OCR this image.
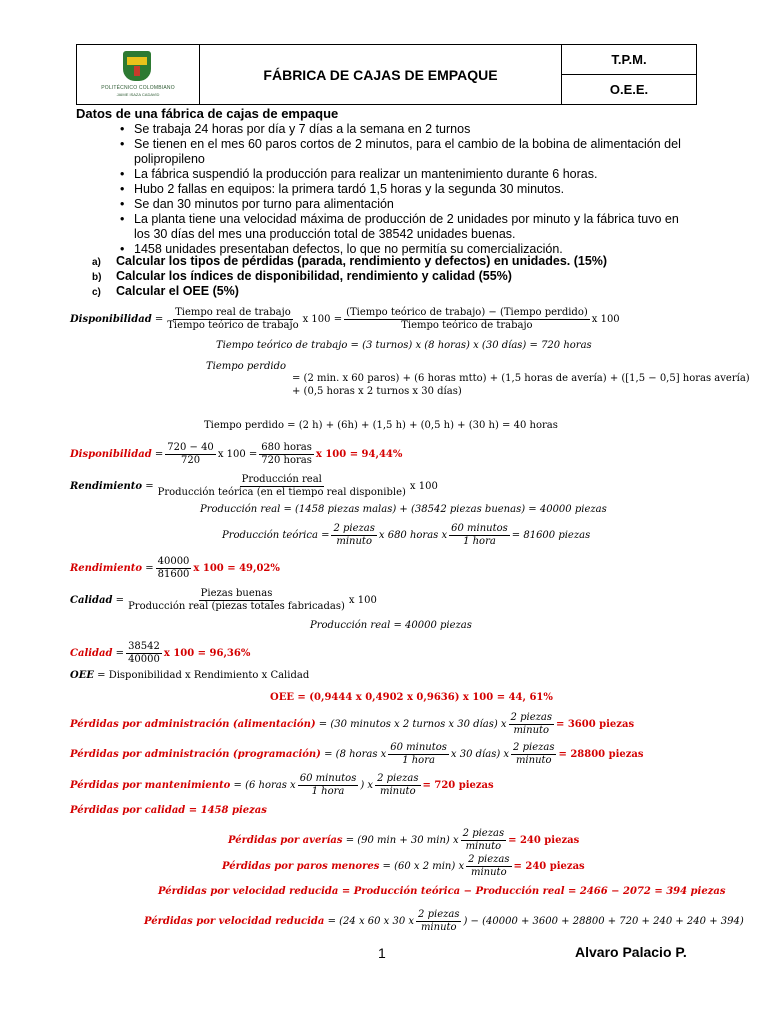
POLITÉCNICO COLOMBIANO
JAIME ISAZA CADAVID
	FÁBRICA DE CAJAS DE EMPAQUE	T.P.M.
O.E.E.
Datos de una fábrica de cajas de empaque
• Se trabaja 24 horas por día y 7 días a la semana en 2 turnos
• Se tienen en el mes 60 paros cortos de 2 minutos, para el cambio de la bobina de alimentación del polipropileno
• La fábrica suspendió la producción para realizar un mantenimiento durante 6 horas.
• Hubo 2 fallas en equipos: la primera tardó 1,5 horas y la segunda 30 minutos.
• Se dan 30 minutos por turno para alimentación
• La planta tiene una velocidad máxima de producción de 2 unidades por minuto y la fábrica tuvo en los 30 días del mes una producción total de 38542 unidades buenas.
• 1458 unidades presentaban defectos, lo que no permitía su comercialización.
a) Calcular los tipos de pérdidas (parada, rendimiento y defectos) en unidades. (15%)
b) Calcular los índices de disponibilidad, rendimiento y calidad (55%)
c) Calcular el OEE (5%)
Disponibilidad = $\frac{\text{Tiempo real de trabajo}}{\text{Tiempo teórico de trabajo}}$ x $100 = \frac{\text{(Tiempo teórico de trabajo) − (Tiempo perdido)}}{\text{Tiempo teórico de trabajo}}$ x 100
Tiempo teórico de trabajo = (3 turnos) x (8 horas) x (30 días) = 720 horas
Tiempo perdido
= (2 min. x 60 paros) + (6 horas mtto) + (1,5 horas de avería) + ([1,5 − 0,5] horas avería)
+ (0,5 horas x 2 turnos x 30 días)
Tiempo perdido = (2 h) + (6h) + (1,5 h) + (0,5 h) + (30 h) = 40 horas
Disponibilidad = $\frac{720 - 40}{720}$ x $100 = \frac{\text{680 horas}}{\text{720 horas}}$ x 100 = 94,44%
Rendimiento = $\frac{\text{Producción real}}{\text{Producción teórica (en el tiempo real disponible)}}$ x 100
Producción real = (1458 piezas malas) + (38542 piezas buenas) = 40000 piezas
Producción teórica = $\frac{\text{2 piezas}}{\text{minuto}}$ x 680 horas x $\frac{\text{60 minutos}}{\text{1 hora}} = 81600$ piezas
Rendimiento = $\frac{40000}{81600}$ x 100 = 49,02%
Calidad = $\frac{\text{Piezas buenas}}{\text{Producción real (piezas totales fabricadas)}}$ x 100
Producción real = 40000 piezas
Calidad = $\frac{38542}{40000}$ x 100 = 96,36%
OEE
= Disponibilidad x Rendimiento x Calidad
OEE = (0,9444 x 0,4902 x 0,9636) x 100 = 44, 61%
Pérdidas por administración (alimentación)
= (30 minutos x 2 turnos x 30 días) x $\frac{\text{2 piezas}}{\text{minuto}} = 3600$ piezas
Pérdidas por administración (programación)
= (8 horas x $\frac{\text{60 minutos}}{\text{1 hora}}$ x 30 días) x $\frac{\text{2 piezas}}{\text{minuto}} = 28800$ piezas
Pérdidas por mantenimiento
= (6 horas x $\frac{\text{60 minutos}}{\text{1 hora}}$ ) x $\frac{\text{2 piezas}}{\text{minuto}} = 720$ piezas
Pérdidas por calidad = 1458 piezas
Pérdidas por averías
= (90 min + 30 min) x $\frac{\text{2 piezas}}{\text{minuto}} = 240$ piezas
Pérdidas por paros menores
= (60 x 2 min) x $\frac{\text{2 piezas}}{\text{minuto}} = 240$ piezas
Pérdidas por velocidad reducida = Producción teórica − Producción real = 2466 − 2072 = 394 piezas
Pérdidas por velocidad reducida
= (24 x 60 x 30 x $\frac{\text{2 piezas}}{\text{minuto}}$ ) − (40000 + 3600 + 28800 + 720 + 240 + 240 + 394)
1	Alvaro Palacio P.
